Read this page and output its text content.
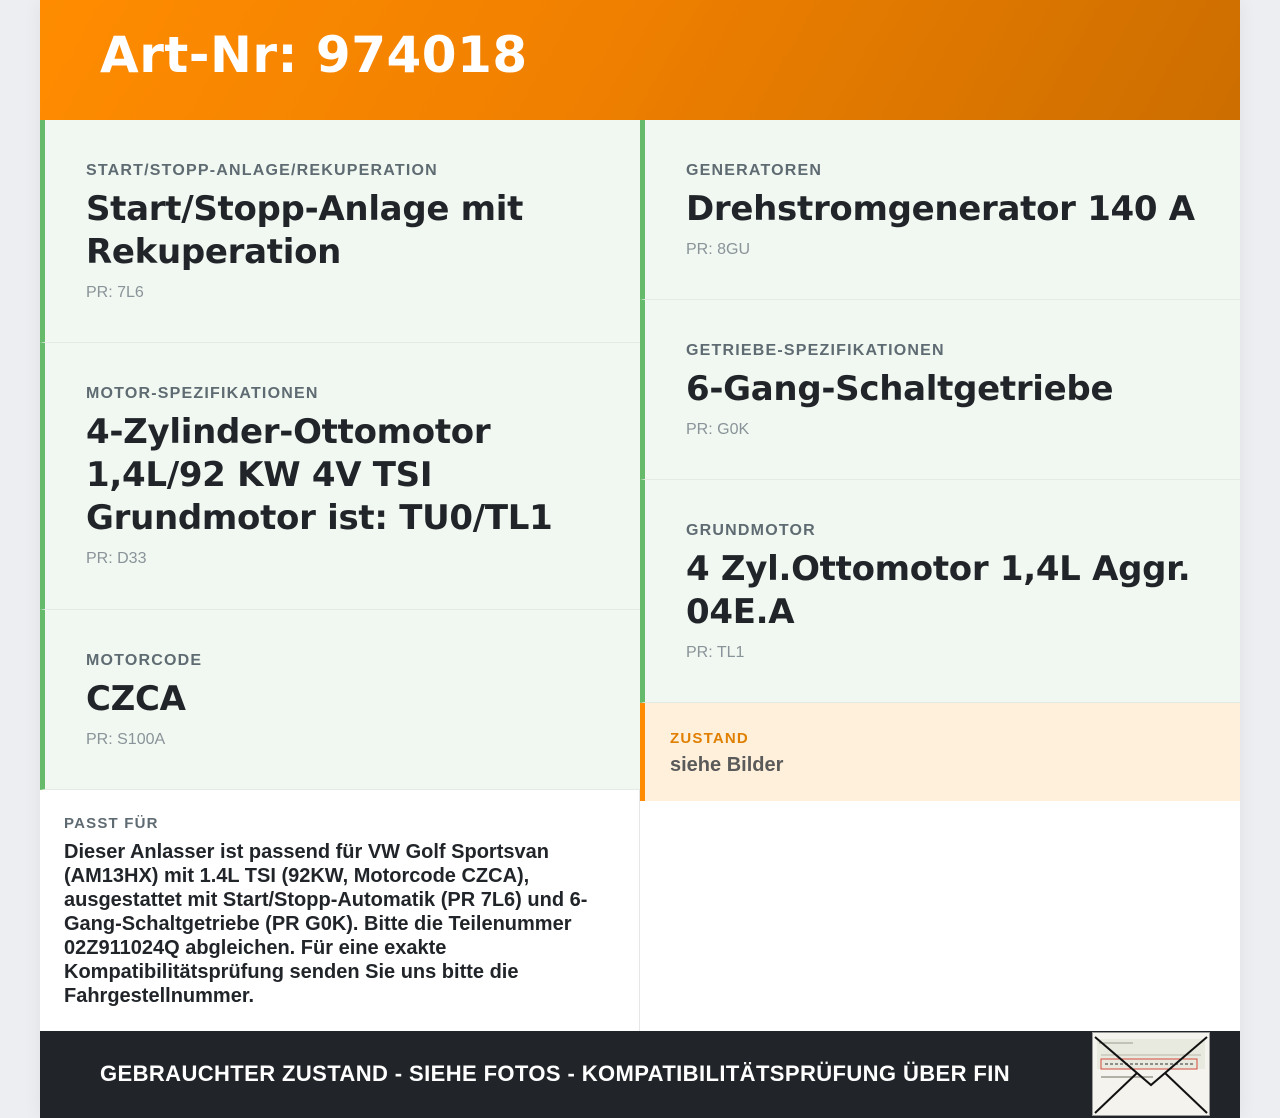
Art-Nr: 974018
START/STOPP-ANLAGE/REKUPERATION
Start/Stopp-Anlage mit Rekuperation
PR: 7L6
MOTOR-SPEZIFIKATIONEN
4-Zylinder-Ottomotor 1,4L/92 KW 4V TSI Grundmotor ist: TU0/TL1
PR: D33
MOTORCODE
CZCA
PR: S100A
GENERATOREN
Drehstromgenerator 140 A
PR: 8GU
GETRIEBE-SPEZIFIKATIONEN
6-Gang-Schaltgetriebe
PR: G0K
GRUNDMOTOR
4 Zyl.Ottomotor 1,4L Aggr. 04E.A
PR: TL1
ZUSTAND
siehe Bilder
PASST FÜR
Dieser Anlasser ist passend für VW Golf Sportsvan (AM13HX) mit 1.4L TSI (92KW, Motorcode CZCA), ausgestattet mit Start/Stopp-Automatik (PR 7L6) und 6-Gang-Schaltgetriebe (PR G0K). Bitte die Teilenummer 02Z911024Q abgleichen. Für eine exakte Kompatibilitätsprüfung senden Sie uns bitte die Fahrgestellnummer.
GEBRAUCHTER ZUSTAND - SIEHE FOTOS - KOMPATIBILITÄTSPRÜFUNG ÜBER FIN
